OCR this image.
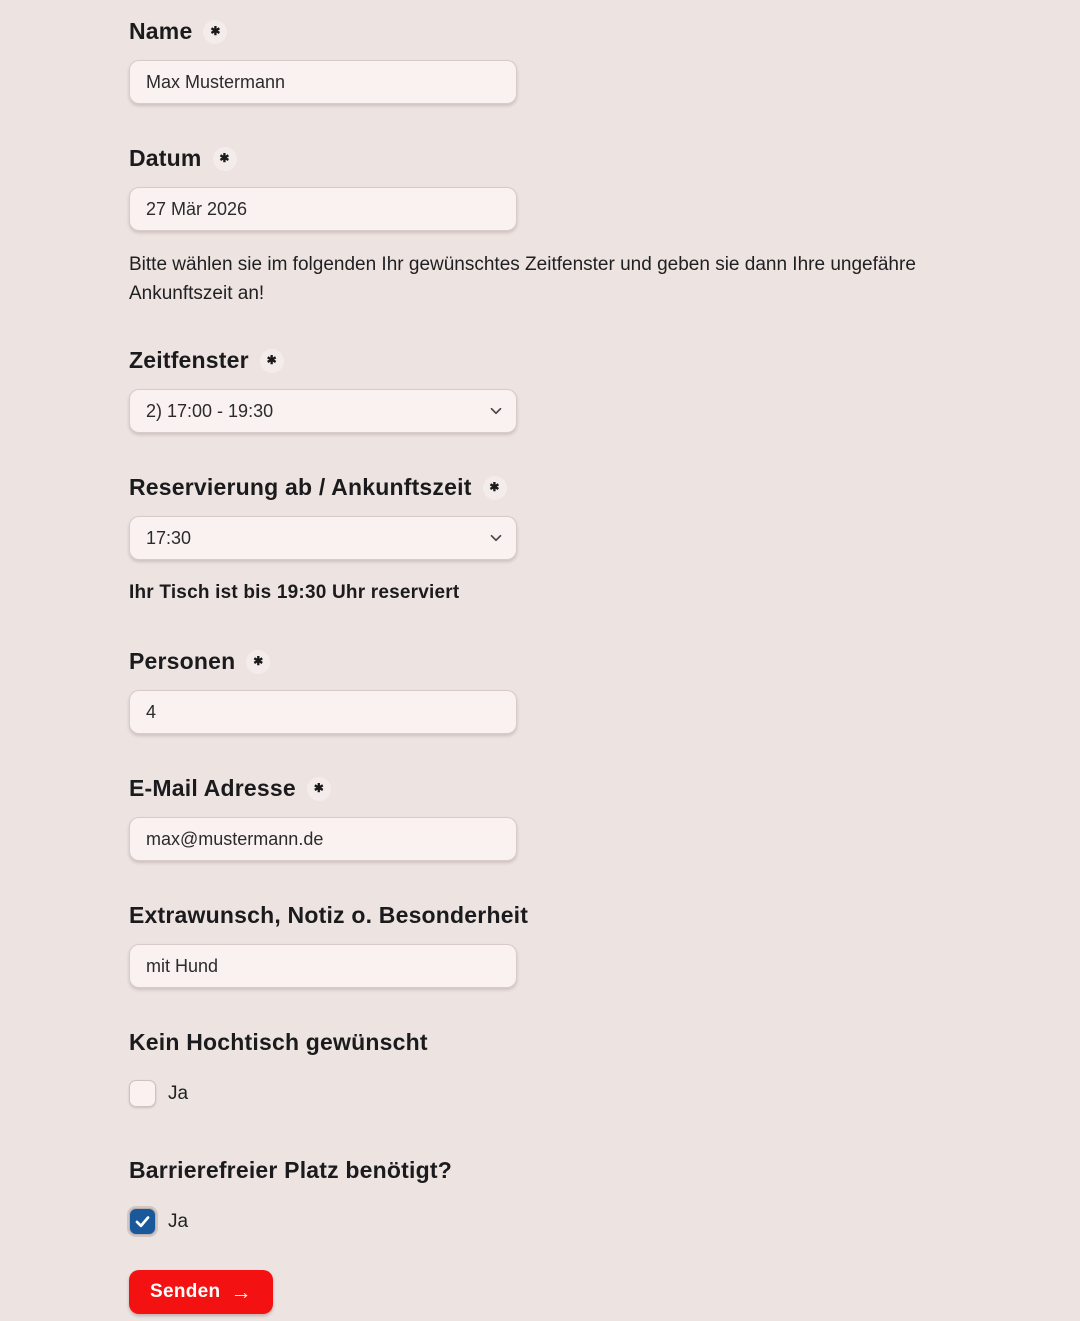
Name	✱
Max Mustermann
Datum	✱
27 Mär 2026

Bitte wählen sie im folgenden Ihr gewünschtes Zeitfenster und geben sie dann Ihre ungefähre Ankunftszeit an!

Zeitfenster	✱
2) 17:00 - 19:30
Reservierung ab / Ankunftszeit	✱
17:30
Ihr Tisch ist bis 19:30 Uhr reserviert
Personen	✱
4
E-Mail Adresse	✱
max@mustermann.de
Extrawunsch, Notiz o. Besonderheit
mit Hund
Kein Hochtisch gewünscht
Ja
Barrierefreier Platz benötigt?
Ja
Senden →
